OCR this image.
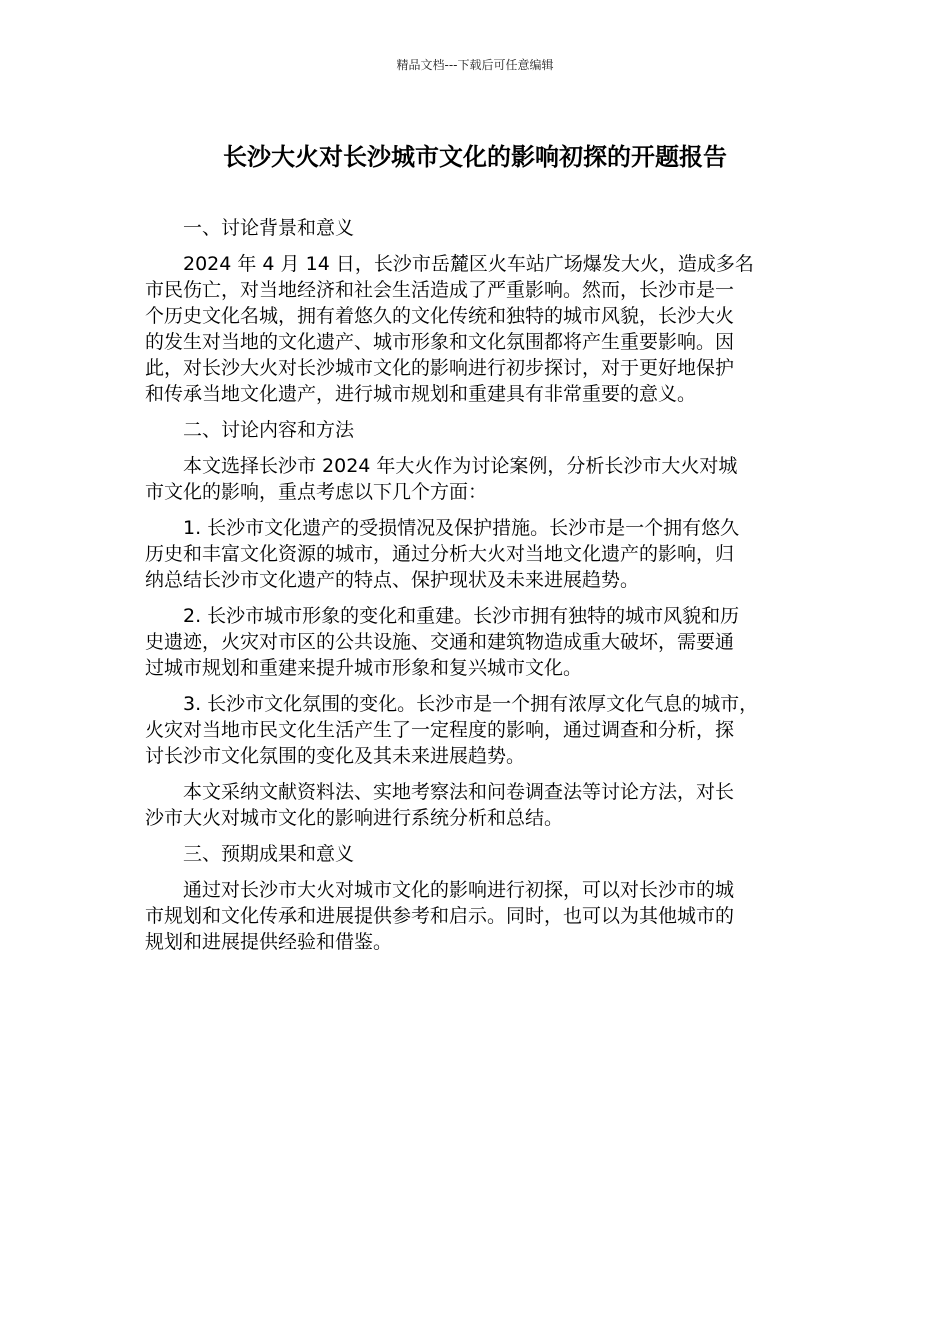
精品文档---下载后可任意编辑
长沙大火对长沙城市文化的影响初探的开题报告

一、讨论背景和意义

2024 年 4 月 14 日，长沙市岳麓区火车站广场爆发大火，造成多名
市民伤亡，对当地经济和社会生活造成了严重影响。然而，长沙市是一
个历史文化名城，拥有着悠久的文化传统和独特的城市风貌，长沙大火
的发生对当地的文化遗产、城市形象和文化氛围都将产生重要影响。因
此，对长沙大火对长沙城市文化的影响进行初步探讨，对于更好地保护
和传承当地文化遗产，进行城市规划和重建具有非常重要的意义。

二、讨论内容和方法

本文选择长沙市 2024 年大火作为讨论案例，分析长沙市大火对城
市文化的影响，重点考虑以下几个方面：

1. 长沙市文化遗产的受损情况及保护措施。长沙市是一个拥有悠久
历史和丰富文化资源的城市，通过分析大火对当地文化遗产的影响，归
纳总结长沙市文化遗产的特点、保护现状及未来进展趋势。

2. 长沙市城市形象的变化和重建。长沙市拥有独特的城市风貌和历
史遗迹，火灾对市区的公共设施、交通和建筑物造成重大破坏，需要通
过城市规划和重建来提升城市形象和复兴城市文化。

3. 长沙市文化氛围的变化。长沙市是一个拥有浓厚文化气息的城市，
火灾对当地市民文化生活产生了一定程度的影响，通过调查和分析，探
讨长沙市文化氛围的变化及其未来进展趋势。

本文采纳文献资料法、实地考察法和问卷调查法等讨论方法，对长
沙市大火对城市文化的影响进行系统分析和总结。

三、预期成果和意义

通过对长沙市大火对城市文化的影响进行初探，可以对长沙市的城
市规划和文化传承和进展提供参考和启示。同时，也可以为其他城市的
规划和进展提供经验和借鉴。
